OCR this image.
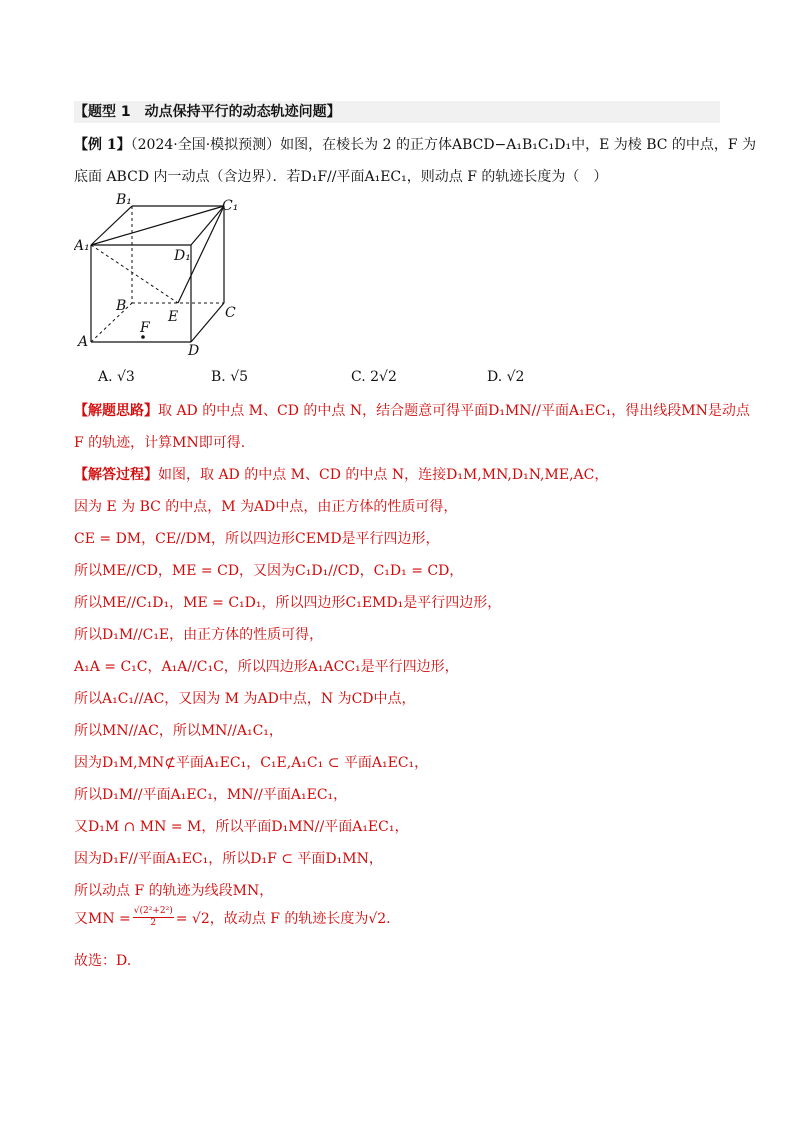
【题型 1　动点保持平行的动态轨迹问题】
【例 1】（2024·全国·模拟预测）如图，在棱长为 2 的正方体ABCD−A₁B₁C₁D₁中，E 为棱 BC 的中点，F 为
底面 ABCD 内一动点（含边界）．若D₁F//平面A₁EC₁，则动点 F 的轨迹长度为（　）
B₁	C₁
A₁
D₁
B
E	C
F
A
D
A. √3	B. √5	C. 2√2	D. √2
【解题思路】取 AD 的中点 M、CD 的中点 N，结合题意可得平面D₁MN//平面A₁EC₁，得出线段MN是动点
F 的轨迹，计算MN即可得.
【解答过程】如图，取 AD 的中点 M、CD 的中点 N，连接D₁M,MN,D₁N,ME,AC，
因为 E 为 BC 的中点，M 为AD中点，由正方体的性质可得，
CE = DM，CE//DM，所以四边形CEMD是平行四边形，
所以ME//CD，ME = CD，又因为C₁D₁//CD，C₁D₁ = CD，
所以ME//C₁D₁，ME = C₁D₁，所以四边形C₁EMD₁是平行四边形，
所以D₁M//C₁E，由正方体的性质可得，
A₁A = C₁C，A₁A//C₁C，所以四边形A₁ACC₁是平行四边形，
所以A₁C₁//AC，又因为 M 为AD中点，N 为CD中点，
所以MN//AC，所以MN//A₁C₁，
因为D₁M,MN⊄平面A₁EC₁，C₁E,A₁C₁ ⊂ 平面A₁EC₁，
所以D₁M//平面A₁EC₁，MN//平面A₁EC₁，
又D₁M ∩ MN = M，所以平面D₁MN//平面A₁EC₁，
因为D₁F//平面A₁EC₁，所以D₁F ⊂ 平面D₁MN，
所以动点 F 的轨迹为线段MN，
又MN = $\frac{\text{√(2²+2²)}}{2} = √2$，故动点 F 的轨迹长度为√2.
故选：D.
